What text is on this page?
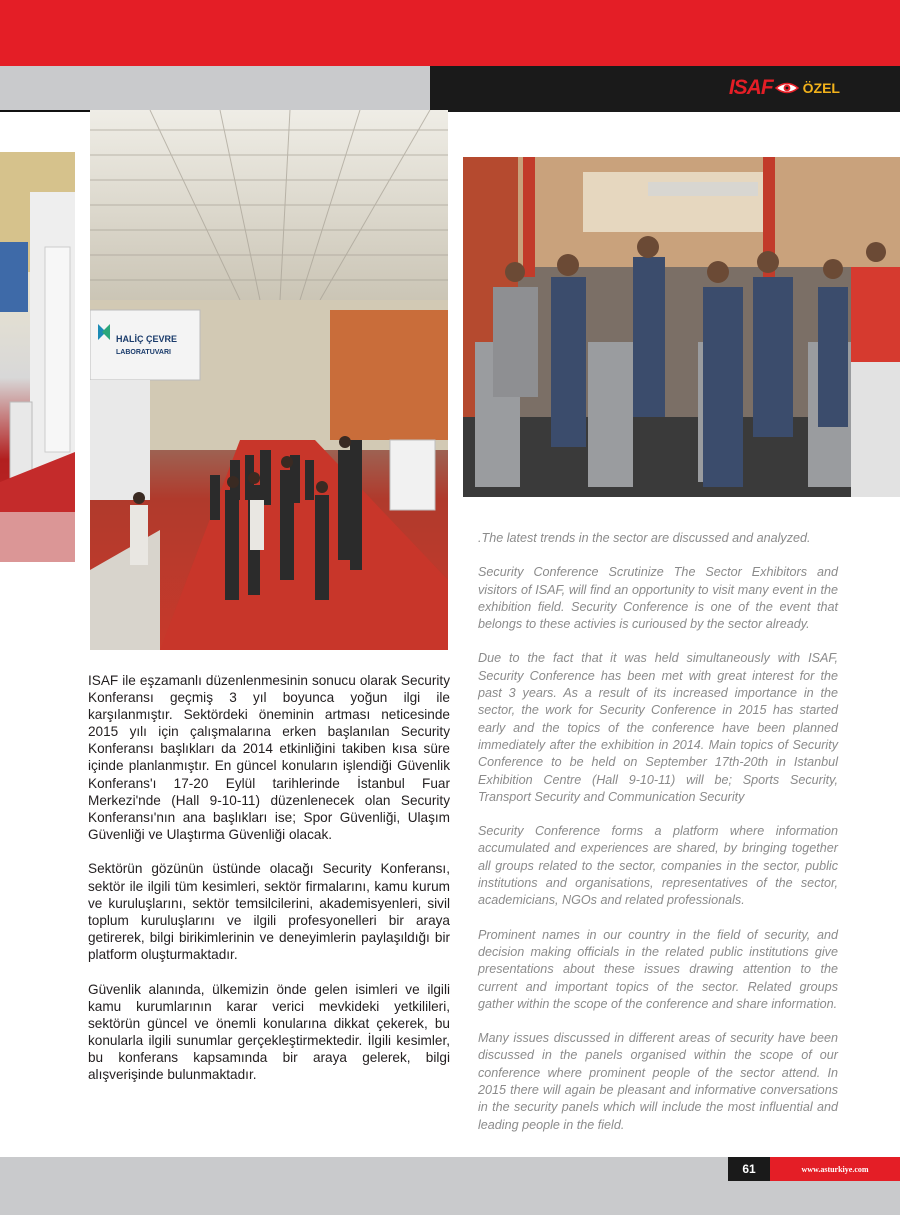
ISAF ÖZEL
HALİÇ ÇEVRE
LABORATUVARI

ISAF ile eşzamanlı düzenlenmesinin sonucu olarak Security Konferansı geçmiş 3 yıl boyunca yoğun ilgi ile karşılanmıştır. Sektördeki öneminin artması neticesinde 2015 yılı için çalışmalarına erken başlanılan Security Konferansı başlıkları da 2014 etkinliğini takiben kısa süre içinde planlanmıştır. En güncel konuların işlendiği Güvenlik Konferans'ı 17-20 Eylül tarihlerinde İstanbul Fuar Merkezi'nde (Hall 9-10-11) düzenlenecek olan Security Konferansı'nın ana başlıkları ise; Spor Güvenliği, Ulaşım Güvenliği ve Ulaştırma Güvenliği olacak.

Sektörün gözünün üstünde olacağı Security Konferansı, sektör ile ilgili tüm kesimleri, sektör firmalarını, kamu kurum ve kuruluşlarını, sektör temsilcilerini, akademisyenleri, sivil toplum kuruluşlarını ve ilgili profesyonelleri bir araya getirerek, bilgi birikimlerinin ve deneyimlerin paylaşıldığı bir platform oluşturmaktadır.

Güvenlik alanında, ülkemizin önde gelen isimleri ve ilgili kamu kurumlarının karar verici mevkideki yetkilileri, sektörün güncel ve önemli konularına dikkat çekerek, bu konularla ilgili sunumlar gerçekleştirmektedir. İlgili kesimler, bu konferans kapsamında bir araya gelerek, bilgi alışverişinde bulunmaktadır.

.The latest trends in the sector are discussed and analyzed.

Security Conference Scrutinize The Sector Exhibitors and visitors of ISAF, will find an opportunity to visit many event in the exhibition field. Security Conference is one of the event that belongs to these activies is curioused by the sector already.

Due to the fact that it was held simultaneously with ISAF, Security Conference has been met with great interest for the past 3 years. As a result of its increased importance in the sector, the work for Security Conference in 2015 has started early and the topics of the conference have been planned immediately after the exhibition in 2014. Main topics of Security Conference to be held on September 17th-20th in Istanbul Exhibition Centre (Hall 9-10-11) will be; Sports Security, Transport Security and Communication Security

Security Conference forms a platform where information accumulated and experiences are shared, by bringing together all groups related to the sector, companies in the sector, public institutions and organisations, representatives of the sector, academicians, NGOs and related professionals.

Prominent names in our country in the field of security, and decision making officials in the related public institutions give presentations about these issues drawing attention to the current and important topics of the sector. Related groups gather within the scope of the conference and share information.

Many issues discussed in different areas of security have been discussed in the panels organised within the scope of our conference where prominent people of the sector attend. In 2015 there will again be pleasant and informative conversations in the security panels which will include the most influential and leading people in the field.

61	www.asturkiye.com
